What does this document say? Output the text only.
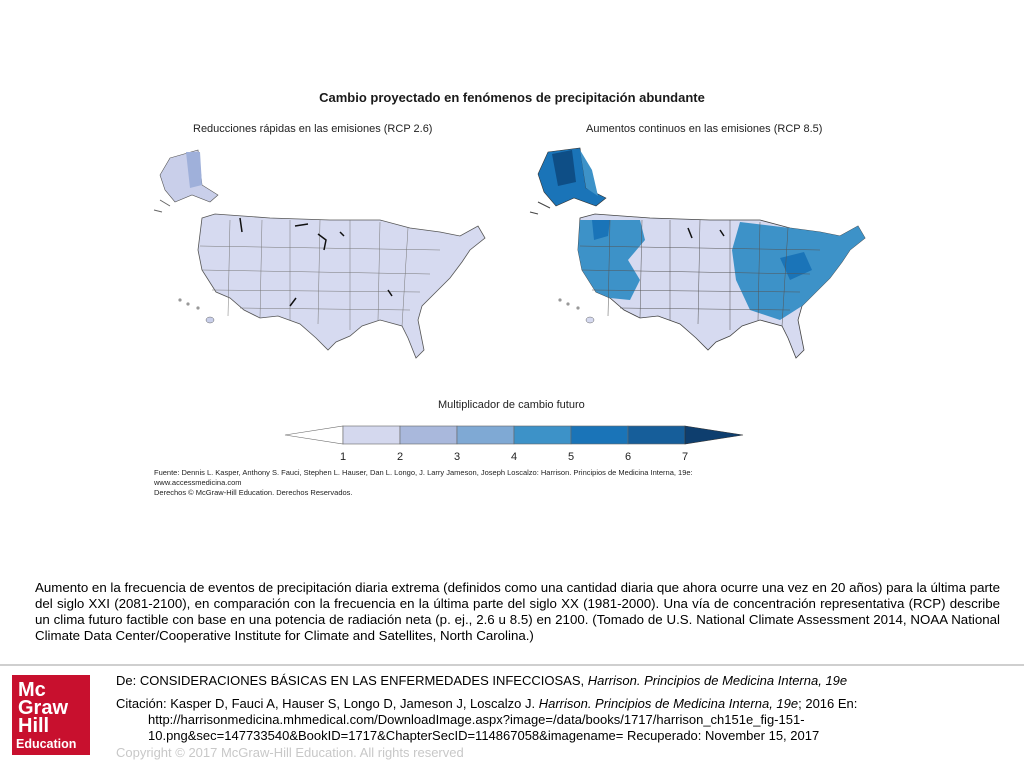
Cambio proyectado en fenómenos de precipitación abundante
Reducciones rápidas en las emisiones (RCP 2.6)	Aumentos continuos en las emisiones (RCP 8.5)
Multiplicador de cambio futuro
1	2	3	4	5	6	7
Fuente: Dennis L. Kasper, Anthony S. Fauci, Stephen L. Hauser, Dan L. Longo, J. Larry Jameson, Joseph Loscalzo: Harrison. Principios de Medicina Interna, 19e:
www.accessmedicina.com
Derechos © McGraw-Hill Education. Derechos Reservados.
Aumento en la frecuencia de eventos de precipitación diaria extrema (definidos como una cantidad diaria que ahora ocurre una vez en 20 años) para la última parte del siglo XXI (2081-2100), en comparación con la frecuencia en la última parte del siglo XX (1981-2000). Una vía de concentración representativa (RCP) describe un clima futuro factible con base en una potencia de radiación neta (p. ej., 2.6 u 8.5) en 2100. (Tomado de U.S. National Climate Assessment 2014, NOAA National Climate Data Center/Cooperative Institute for Climate and Satellites, North Carolina.)
Mc
Graw
Hill
Education
De: CONSIDERACIONES BÁSICAS EN LAS ENFERMEDADES INFECCIOSAS, Harrison. Principios de Medicina Interna, 19e
Citación: Kasper D, Fauci A, Hauser S, Longo D, Jameson J, Loscalzo J. Harrison. Principios de Medicina Interna, 19e; 2016 En:
http://harrisonmedicina.mhmedical.com/DownloadImage.aspx?image=/data/books/1717/harrison_ch151e_fig-151-
10.png&sec=147733540&BookID=1717&ChapterSecID=114867058&imagename= Recuperado: November 15, 2017
Copyright © 2017 McGraw-Hill Education. All rights reserved
